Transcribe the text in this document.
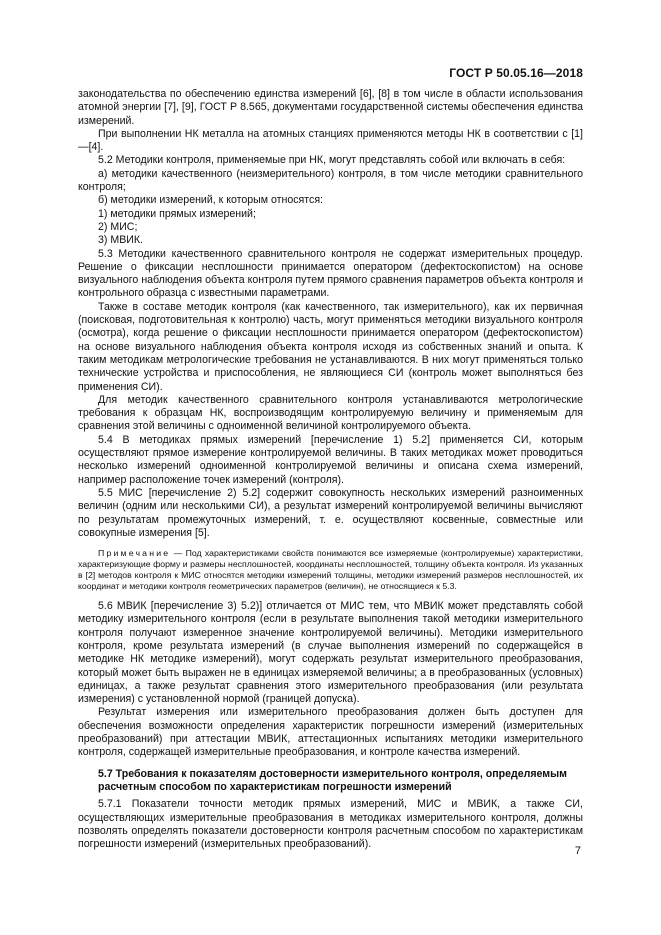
ГОСТ Р 50.05.16—2018

законодательства по обеспечению единства измерений [6], [8] в том числе в области использования атомной энергии [7], [9], ГОСТ Р 8.565, документами государственной системы обеспечения единства измерений.

При выполнении НК металла на атомных станциях применяются методы НК в соответствии с [1]—[4].

5.2 Методики контроля, применяемые при НК, могут представлять собой или включать в себя:

а) методики качественного (неизмерительного) контроля, в том числе методики сравнительного контроля;

б) методики измерений, к которым относятся:

1) методики прямых измерений;

2) МИС;

3) МВИК.

5.3 Методики качественного сравнительного контроля не содержат измерительных процедур. Решение о фиксации несплошности принимается оператором (дефектоскопистом) на основе визуального наблюдения объекта контроля путем прямого сравнения параметров объекта контроля и контрольного образца с известными параметрами.

Также в составе методик контроля (как качественного, так измерительного), как их первичная (поисковая, подготовительная к контролю) часть, могут применяться методики визуального контроля (осмотра), когда решение о фиксации несплошности принимается оператором (дефектоскопистом) на основе визуального наблюдения объекта контроля исходя из собственных знаний и опыта. К таким методикам метрологические требования не устанавливаются. В них могут применяться только технические устройства и приспособления, не являющиеся СИ (контроль может выполняться без применения СИ).

Для методик качественного сравнительного контроля устанавливаются метрологические требования к образцам НК, воспроизводящим контролируемую величину и применяемым для сравнения этой величины с одноименной величиной контролируемого объекта.

5.4 В методиках прямых измерений [перечисление 1) 5.2] применяется СИ, которым осуществляют прямое измерение контролируемой величины. В таких методиках может проводиться несколько измерений одноименной контролируемой величины и описана схема измерений, например расположение точек измерений (контроля).

5.5 МИС [перечисление 2) 5.2] содержит совокупность нескольких измерений разноименных величин (одним или несколькими СИ), а результат измерений контролируемой величины вычисляют по результатам промежуточных измерений, т. е. осуществляют косвенные, совместные или совокупные измерения [5].

Примечание — Под характеристиками свойств понимаются все измеряемые (контролируемые) характеристики, характеризующие форму и размеры несплошностей, координаты несплошностей, толщину объекта контроля. Из указанных в [2] методов контроля к МИС относятся методики измерений толщины, методики измерений размеров несплошностей, их координат и методики контроля геометрических параметров (величин), не относящиеся к 5.3.

5.6 МВИК [перечисление 3) 5.2)] отличается от МИС тем, что МВИК может представлять собой методику измерительного контроля (если в результате выполнения такой методики измерительного контроля получают измеренное значение контролируемой величины). Методики измерительного контроля, кроме результата измерений (в случае выполнения измерений по содержащейся в методике НК методике измерений), могут содержать результат измерительного преобразования, который может быть выражен не в единицах измеряемой величины; а в преобразованных (условных) единицах, а также результат сравнения этого измерительного преобразования (или результата измерения) с установленной нормой (границей допуска).

Результат измерения или измерительного преобразования должен быть доступен для обеспечения возможности определения характеристик погрешности измерений (измерительных преобразований) при аттестации МВИК, аттестационных испытаниях методики измерительного контроля, содержащей измерительные преобразования, и контроле качества измерений.

5.7 Требования к показателям достоверности измерительного контроля, определяемым расчетным способом по характеристикам погрешности измерений

5.7.1 Показатели точности методик прямых измерений, МИС и МВИК, а также СИ, осуществляющих измерительные преобразования в методиках измерительного контроля, должны позволять определять показатели достоверности контроля расчетным способом по характеристикам погрешности измерений (измерительных преобразований).

7
